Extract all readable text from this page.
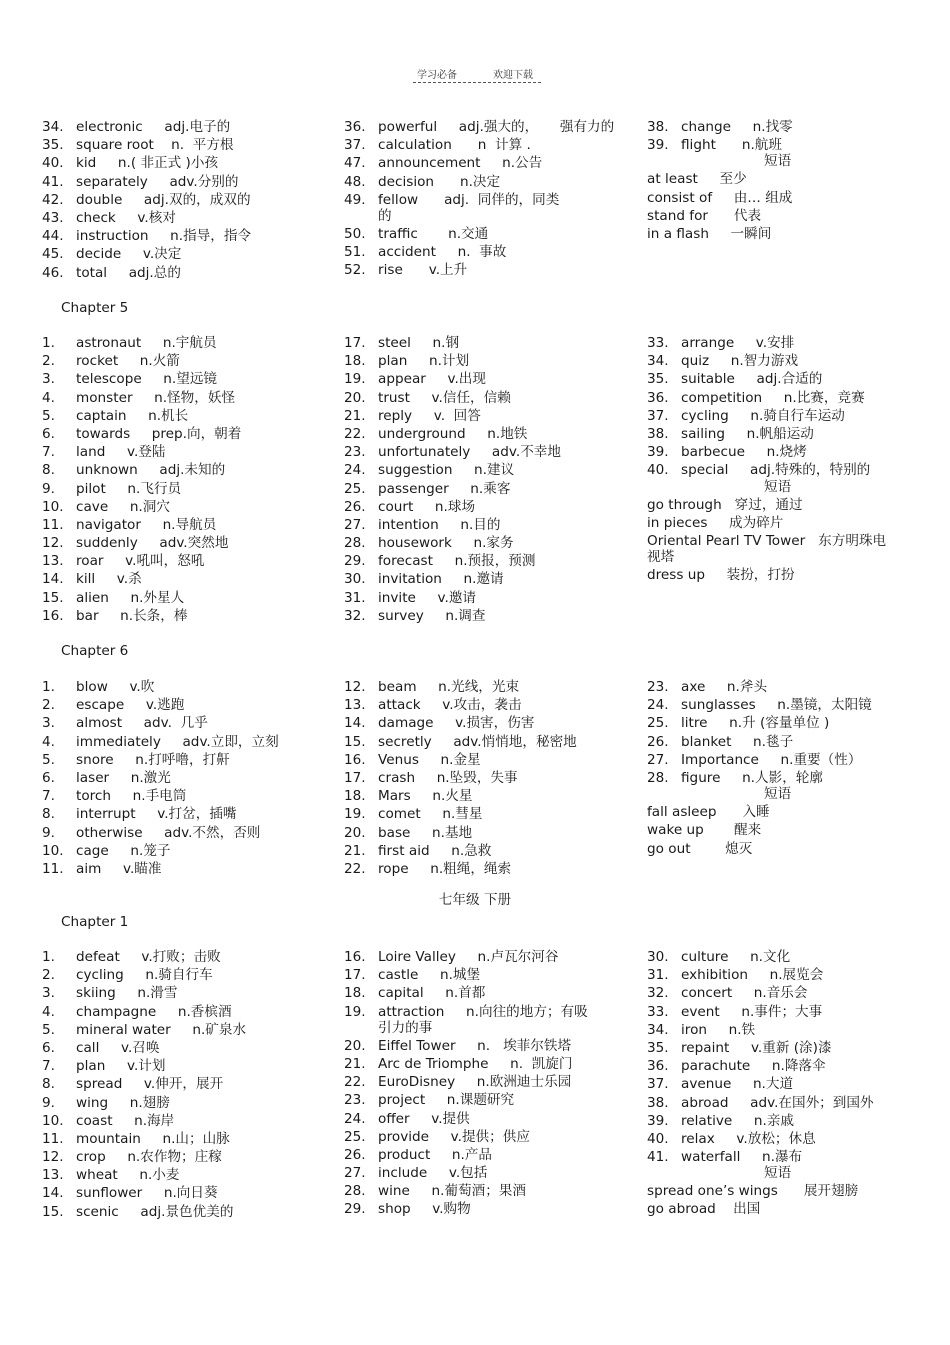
学习必备	欢迎下载
34. electronic     adj.电子的
35. square root    n.  平方根
40. kid     n.( 非正式 )小孩
41. separately     adv.分别的
42. double     adj.双的，成双的
43. check     v.核对
44. instruction     n.指导，指令
45. decide     v.决定
46. total     adj.总的
36. powerful     adj.强大的，     强有力的
37. calculation      n  计算 .
47. announcement     n.公告
48. decision      n.决定
49. fellow      adj.  同伴的，同类
的
50. traffic       n.交通
51. accident     n.  事故
52. rise      v.上升
38. change     n.找零
39. flight      n.航班
短语
at least     至少
consist of     由… 组成
stand for      代表
in a flash     一瞬间
Chapter 5
1.	astronaut     n.宇航员
2.	rocket     n.火箭
3.	telescope     n.望远镜
4.	monster     n.怪物，妖怪
5.	captain     n.机长
6.	towards     prep.向，朝着
7.	land     v.登陆
8.	unknown     adj.未知的
9.	pilot     n.飞行员
10. cave     n.洞穴
11. navigator     n.导航员
12. suddenly     adv.突然地
13. roar     v.吼叫，怒吼
14. kill     v.杀
15. alien     n.外星人
16. bar     n.长条，棒
17. steel     n.钢
18. plan     n.计划
19. appear     v.出现
20. trust     v.信任，信赖
21. reply     v.  回答
22. underground     n.地铁
23. unfortunately     adv.不幸地
24. suggestion     n.建议
25. passenger     n.乘客
26. court     n.球场
27. intention     n.目的
28. housework     n.家务
29. forecast     n.预报，预测
30. invitation     n.邀请
31. invite     v.邀请
32. survey     n.调查
33. arrange     v.安排
34. quiz     n.智力游戏
35. suitable     adj.合适的
36. competition     n.比赛，竞赛
37. cycling     n.骑自行车运动
38. sailing     n.帆船运动
39. barbecue     n.烧烤
40. special     adj.特殊的，特别的
短语
go through   穿过，通过
in pieces     成为碎片
Oriental Pearl TV Tower   东方明珠电
视塔
dress up     装扮，打扮
Chapter 6
1.	blow     v.吹
2.	escape     v.逃跑
3.	almost     adv.  几乎
4.	immediately     adv.立即，立刻
5.	snore     n.打呼噜，打鼾
6.	laser     n.激光
7.	torch     n.手电筒
8.	interrupt     v.打岔，插嘴
9.	otherwise     adv.不然，否则
10. cage     n.笼子
11. aim     v.瞄准
12. beam     n.光线，光束
13. attack     v.攻击，袭击
14. damage     v.损害，伤害
15. secretly     adv.悄悄地，秘密地
16. Venus     n.金星
17. crash     n.坠毁，失事
18. Mars     n.火星
19. comet     n.彗星
20. base     n.基地
21. first aid     n.急救
22. rope     n.粗绳，绳索
23. axe     n.斧头
24. sunglasses     n.墨镜，太阳镜
25. litre     n.升 (容量单位 )
26. blanket     n.毯子
27. Importance     n.重要（性）
28. figure     n.人影，轮廓
短语
fall asleep      入睡
wake up       醒来
go out        熄灭
七年级 下册
Chapter 1
1.	defeat     v.打败；击败
2.	cycling     n.骑自行车
3.	skiing     n.滑雪
4.	champagne     n.香槟酒
5.	mineral water     n.矿泉水
6.	call     v.召唤
7.	plan     v.计划
8.	spread     v.伸开，展开
9.	wing     n.翅膀
10. coast     n.海岸
11. mountain     n.山；山脉
12. crop     n.农作物；庄稼
13. wheat     n.小麦
14. sunflower     n.向日葵
15. scenic     adj.景色优美的
16. Loire Valley     n.卢瓦尔河谷
17. castle     n.城堡
18. capital     n.首都
19. attraction     n.向往的地方；有吸
引力的事
20. Eiffel Tower     n.   埃菲尔铁塔
21. Arc de Triomphe     n.  凯旋门
22. EuroDisney     n.欧洲迪士乐园
23. project     n.课题研究
24. offer     v.提供
25. provide     v.提供；供应
26. product     n.产品
27. include     v.包括
28. wine     n.葡萄酒；果酒
29. shop     v.购物
30. culture     n.文化
31. exhibition     n.展览会
32. concert     n.音乐会
33. event     n.事件；大事
34. iron     n.铁
35. repaint     v.重新 (涂)漆
36. parachute     n.降落伞
37. avenue     n.大道
38. abroad     adv.在国外；到国外
39. relative     n.亲戚
40. relax     v.放松；休息
41. waterfall     n.瀑布
短语
spread one’s wings      展开翅膀
go abroad    出国
